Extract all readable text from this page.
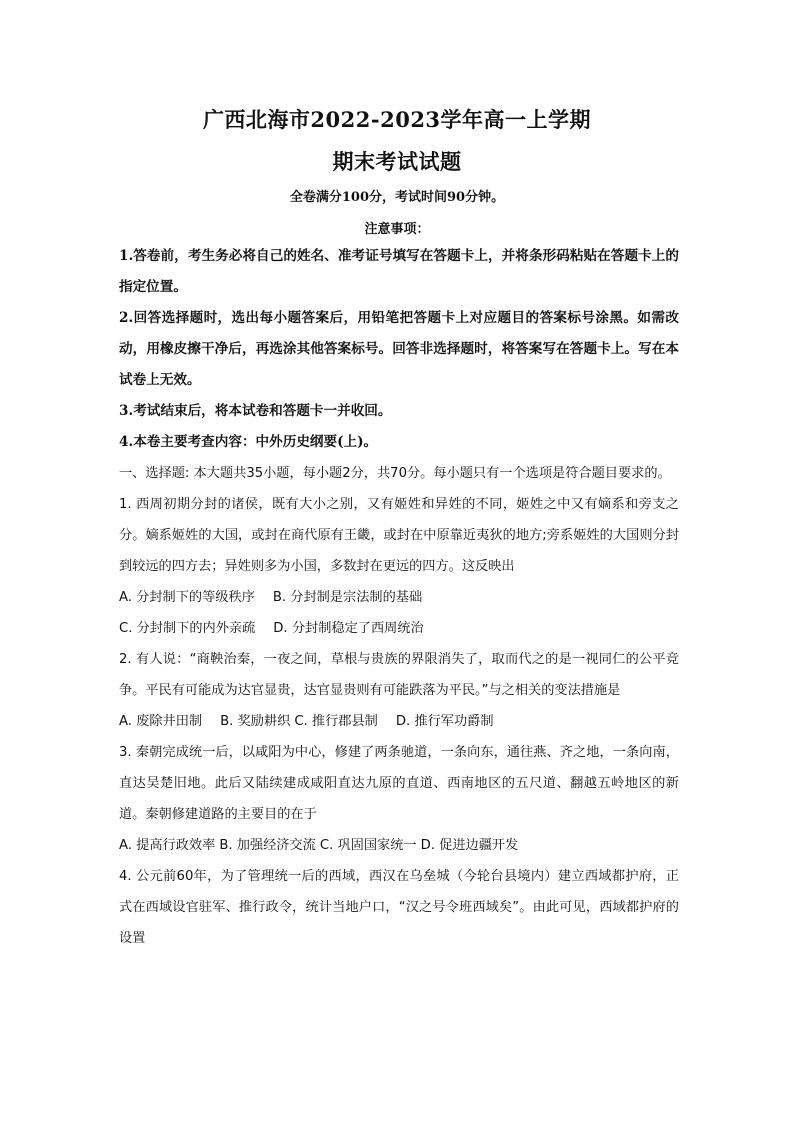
广西北海市2022-2023学年高一上学期
期末考试试题
全卷满分100分，考试时间90分钟。
注意事项：

1.答卷前，考生务必将自己的姓名、准考证号填写在答题卡上，并将条形码粘贴在答题卡上的指定位置。

2.回答选择题时，选出每小题答案后，用铅笔把答题卡上对应题目的答案标号涂黑。如需改动，用橡皮擦干净后，再选涂其他答案标号。回答非选择题时，将答案写在答题卡上。写在本试卷上无效。

3.考试结束后，将本试卷和答题卡一并收回。

4.本卷主要考查内容：中外历史纲要(上)。

一、选择题: 本大题共35小题，每小题2分，共70分。每小题只有一个选项是符合题目要求的。

1. 西周初期分封的诸侯，既有大小之别，又有姬姓和异姓的不同，姬姓之中又有嫡系和旁支之分。嫡系姬姓的大国，或封在商代原有王畿，或封在中原靠近夷狄的地方;旁系姬姓的大国则分封到较远的四方去；异姓则多为小国，多数封在更远的四方。这反映出

A. 分封制下的等级秩序 B. 分封制是宗法制的基础

C. 分封制下的内外亲疏 D. 分封制稳定了西周统治

2. 有人说：“商鞅治秦，一夜之间，草根与贵族的界限消失了，取而代之的是一视同仁的公平竞争。平民有可能成为达官显贵，达官显贵则有可能跌落为平民。”与之相关的变法措施是

A. 废除井田制 B. 奖励耕织 C. 推行郡县制 D. 推行军功爵制

3. 秦朝完成统一后，以咸阳为中心，修建了两条驰道，一条向东，通往燕、齐之地，一条向南，直达吴楚旧地。此后又陆续建成咸阳直达九原的直道、西南地区的五尺道、翻越五岭地区的新道。秦朝修建道路的主要目的在于

A. 提高行政效率 B. 加强经济交流 C. 巩固国家统一 D. 促进边疆开发

4. 公元前60年，为了管理统一后的西域，西汉在乌垒城（今轮台县境内）建立西域都护府，正式在西域设官驻军、推行政令，统计当地户口，“汉之号令班西域矣”。由此可见，西域都护府的设置
